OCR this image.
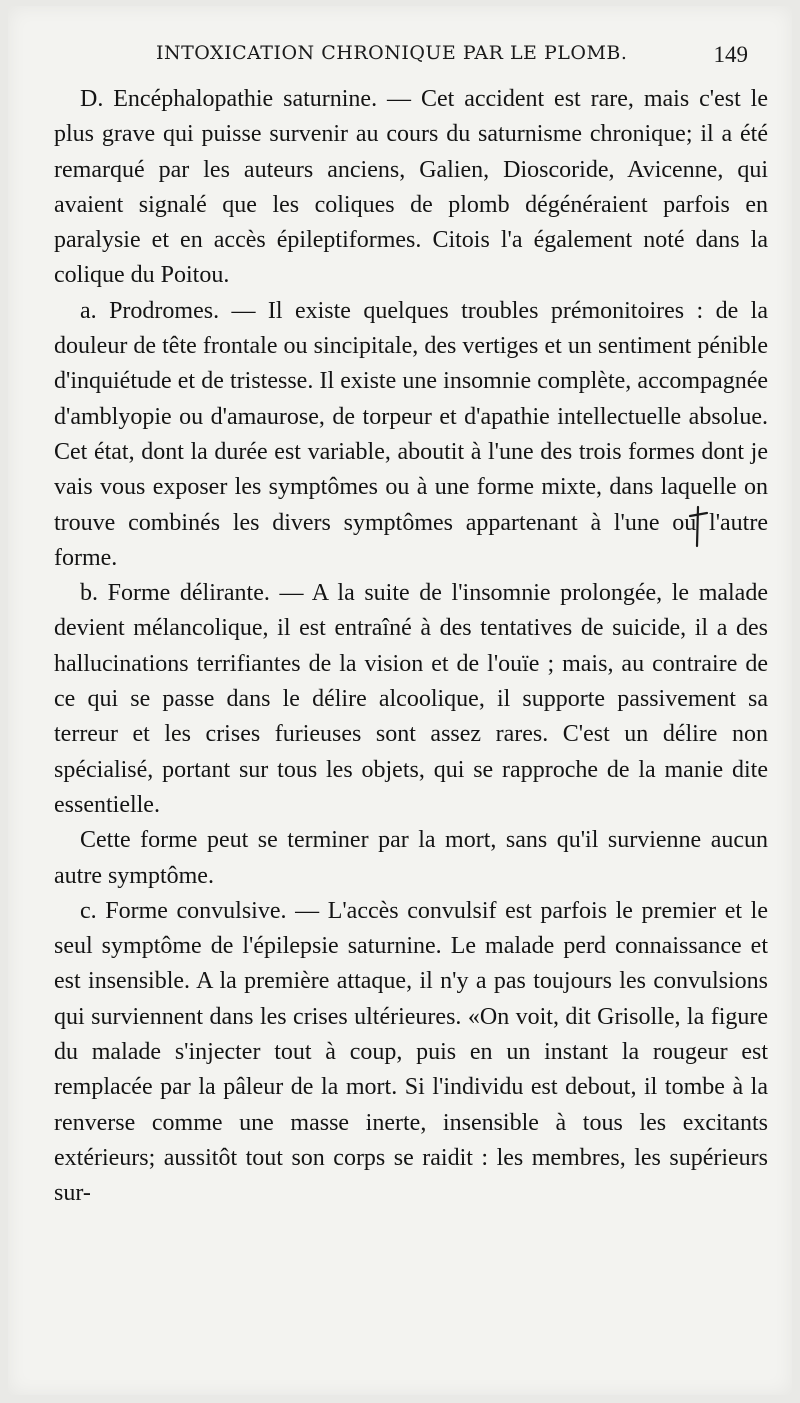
INTOXICATION CHRONIQUE PAR LE PLOMB.	149

D. Encéphalopathie saturnine. — Cet accident est rare, mais c'est le plus grave qui puisse survenir au cours du saturnisme chronique; il a été remarqué par les auteurs anciens, Galien, Dioscoride, Avicenne, qui avaient signalé que les coliques de plomb dégénéraient parfois en paralysie et en accès épileptiformes. Citois l'a également noté dans la colique du Poitou.

a. Prodromes. — Il existe quelques troubles prémonitoires : de la douleur de tête frontale ou sincipitale, des vertiges et un sentiment pénible d'inquiétude et de tristesse. Il existe une insomnie complète, accompagnée d'amblyopie ou d'amaurose, de torpeur et d'apathie intellectuelle absolue. Cet état, dont la durée est variable, aboutit à l'une des trois formes dont je vais vous exposer les symptômes ou à une forme mixte, dans laquelle on trouve combinés les divers symptômes appartenant à l'une ou l'autre forme.

b. Forme délirante. — A la suite de l'insomnie prolongée, le malade devient mélancolique, il est entraîné à des tentatives de suicide, il a des hallucinations terrifiantes de la vision et de l'ouïe ; mais, au contraire de ce qui se passe dans le délire alcoolique, il supporte passivement sa terreur et les crises furieuses sont assez rares. C'est un délire non spécialisé, portant sur tous les objets, qui se rapproche de la manie dite essentielle.

Cette forme peut se terminer par la mort, sans qu'il survienne aucun autre symptôme.

c. Forme convulsive. — L'accès convulsif est parfois le premier et le seul symptôme de l'épilepsie saturnine. Le malade perd connaissance et est insensible. A la première attaque, il n'y a pas toujours les convulsions qui surviennent dans les crises ultérieures. «On voit, dit Grisolle, la figure du malade s'injecter tout à coup, puis en un instant la rougeur est remplacée par la pâleur de la mort. Si l'individu est debout, il tombe à la renverse comme une masse inerte, insensible à tous les excitants extérieurs; aussitôt tout son corps se raidit : les membres, les supérieurs sur-
